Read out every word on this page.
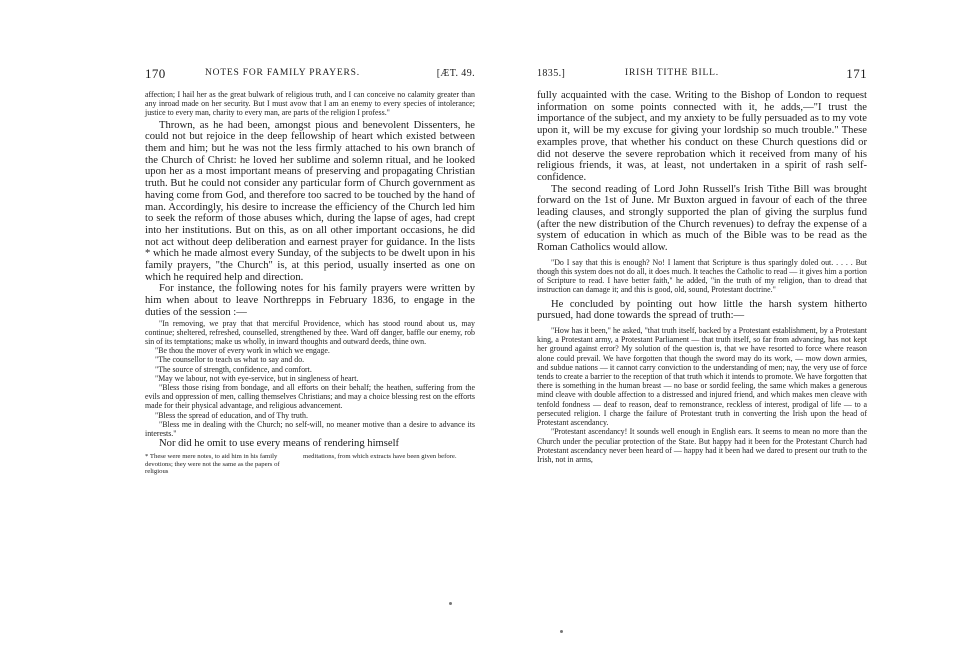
170	NOTES FOR FAMILY PRAYERS.	[ÆT. 49.

affection; I hail her as the great bulwark of religious truth, and I can conceive no calamity greater than any inroad made on her security. But I must avow that I am an enemy to every species of intolerance; justice to every man, charity to every man, are parts of the religion I profess."

Thrown, as he had been, amongst pious and benevolent Dissenters, he could not but rejoice in the deep fellowship of heart which existed between them and him; but he was not the less firmly attached to his own branch of the Church of Christ: he loved her sublime and solemn ritual, and he looked upon her as a most important means of preserving and propagating Christian truth. But he could not consider any particular form of Church government as having come from God, and therefore too sacred to be touched by the hand of man. Accordingly, his desire to increase the efficiency of the Church led him to seek the reform of those abuses which, during the lapse of ages, had crept into her institutions. But on this, as on all other important occasions, he did not act without deep deliberation and earnest prayer for guidance. In the lists * which he made almost every Sunday, of the subjects to be dwelt upon in his family prayers, "the Church" is, at this period, usually inserted as one on which he required help and direction.

For instance, the following notes for his family prayers were written by him when about to leave Northrepps in February 1836, to engage in the duties of the session :—

"In removing, we pray that that merciful Providence, which has stood round about us, may continue; sheltered, refreshed, counselled, strengthened by thee. Ward off danger, baffle our enemy, rob sin of its temptations; make us wholly, in inward thoughts and outward deeds, thine own.

"Be thou the mover of every work in which we engage.

"The counsellor to teach us what to say and do.

"The source of strength, confidence, and comfort.

"May we labour, not with eye-service, but in singleness of heart.

"Bless those rising from bondage, and all efforts on their behalf; the heathen, suffering from the evils and oppression of men, calling themselves Christians; and may a choice blessing rest on the efforts made for their physical advantage, and religious advancement.

"Bless the spread of education, and of Thy truth.

"Bless me in dealing with the Church; no self-will, no meaner motive than a desire to advance its interests."

Nor did he omit to use every means of rendering himself

* These were mere notes, to aid him in his family devotions; they were not the same as the papers of religiousmeditations, from which extracts have been given before.
1835.]	IRISH TITHE BILL.	171

fully acquainted with the case. Writing to the Bishop of London to request information on some points connected with it, he adds,—"I trust the importance of the subject, and my anxiety to be fully persuaded as to my vote upon it, will be my excuse for giving your lordship so much trouble." These examples prove, that whether his conduct on these Church questions did or did not deserve the severe reprobation which it received from many of his religious friends, it was, at least, not undertaken in a spirit of rash self-confidence.

The second reading of Lord John Russell's Irish Tithe Bill was brought forward on the 1st of June. Mr Buxton argued in favour of each of the three leading clauses, and strongly supported the plan of giving the surplus fund (after the new distribution of the Church revenues) to defray the expense of a system of education in which as much of the Bible was to be read as the Roman Catholics would allow.

"Do I say that this is enough? No! I lament that Scripture is thus sparingly doled out. . . . . But though this system does not do all, it does much. It teaches the Catholic to read — it gives him a portion of Scripture to read. I have better faith," he added, "in the truth of my religion, than to dread that instruction can damage it; and this is good, old, sound, Protestant doctrine."

He concluded by pointing out how little the harsh system hitherto pursued, had done towards the spread of truth:—

"How has it been," he asked, "that truth itself, backed by a Protestant establishment, by a Protestant king, a Protestant army, a Protestant Parliament — that truth itself, so far from advancing, has not kept her ground against error? My solution of the question is, that we have resorted to force where reason alone could prevail. We have forgotten that though the sword may do its work, — mow down armies, and subdue nations — it cannot carry conviction to the understanding of men; nay, the very use of force tends to create a barrier to the reception of that truth which it intends to promote. We have forgotten that there is something in the human breast — no base or sordid feeling, the same which makes a generous mind cleave with double affection to a distressed and injured friend, and which makes men cleave with tenfold fondness — deaf to reason, deaf to remonstrance, reckless of interest, prodigal of life — to a persecuted religion. I charge the failure of Protestant truth in converting the Irish upon the head of Protestant ascendancy.

"Protestant ascendancy! It sounds well enough in English ears. It seems to mean no more than the Church under the peculiar protection of the State. But happy had it been for the Protestant Church had Protestant ascendancy never been heard of — happy had it been had we dared to present our truth to the Irish, not in arms,
